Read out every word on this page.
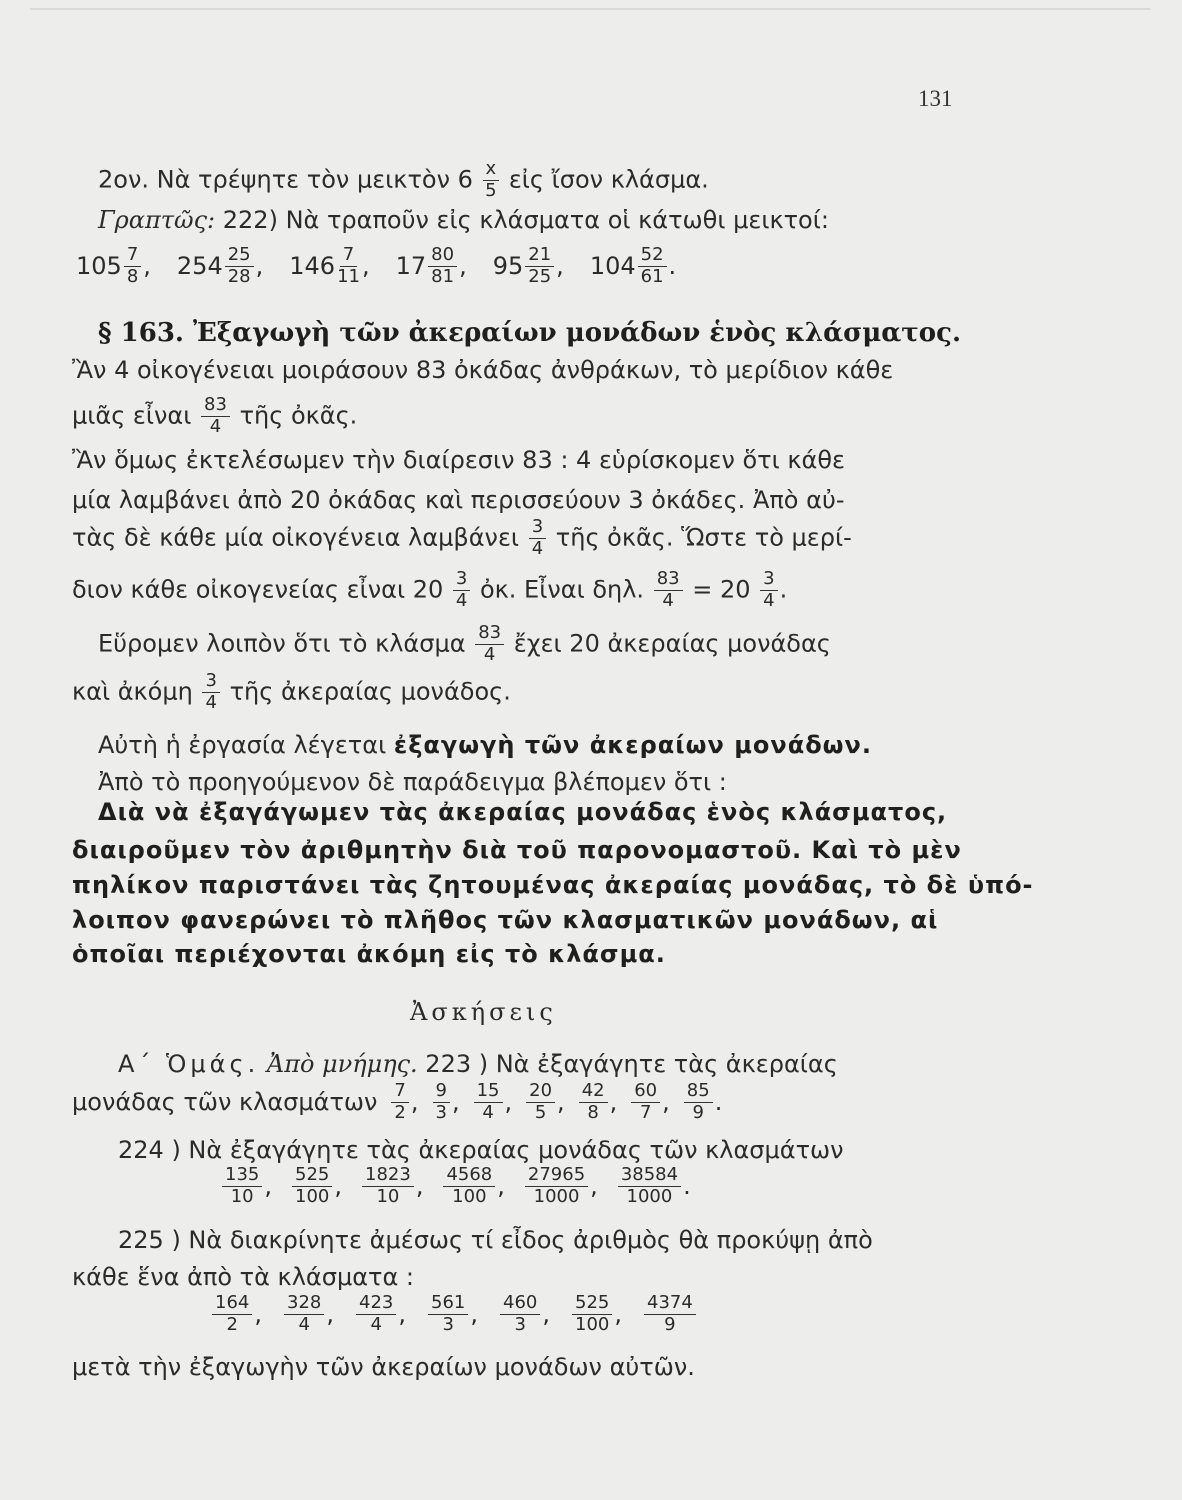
131
2ον. Νὰ τρέψητε τὸν μεικτὸν $6 \frac{x}{5}$ εἰς ἴσον κλάσμα.
Γραπτῶς: 222) Νὰ τραποῦν εἰς κλάσματα οἱ κάτωθι μεικτοί:
$105 \frac{7}{8}$ , $254 \frac{25}{28}$ , $146 \frac{7}{11}$ , $17 \frac{80}{81}$ , $95 \frac{21}{25}$ , $104 \frac{52}{61}$ .
§ 163. Ἐξαγωγὴ τῶν ἀκεραίων μονάδων ἑνὸς κλάσματος.
Ἂν 4 οἰκογένειαι μοιράσουν 83 ὀκάδας ἀνθράκων, τὸ μερίδιον κάθε
μιᾶς εἶναι $\frac{83}{4}$ τῆς ὀκᾶς.
Ἂν ὅμως ἐκτελέσωμεν τὴν διαίρεσιν 83 : 4 εὑρίσκομεν ὅτι κάθε
μία λαμβάνει ἀπὸ 20 ὀκάδας καὶ περισσεύουν 3 ὀκάδες. Ἀπὸ αὐ-
τὰς δὲ κάθε μία οἰκογένεια λαμβάνει $\frac{3}{4}$ τῆς ὀκᾶς. Ὥστε τὸ μερί-
διον κάθε οἰκογενείας εἶναι $20 \frac{3}{4}$ ὀκ. Εἶναι δηλ. $\frac{83}{4} = 20 \frac{3}{4}$ .
Εὕρομεν λοιπὸν ὅτι τὸ κλάσμα $\frac{83}{4}$ ἔχει 20 ἀκεραίας μονάδας
καὶ ἀκόμη $\frac{3}{4}$ τῆς ἀκεραίας μονάδος.
Αὐτὴ ἡ ἐργασία λέγεται ἐξαγωγὴ τῶν ἀκεραίων μονάδων.
Ἀπὸ τὸ προηγούμενον δὲ παράδειγμα βλέπομεν ὅτι :
Διὰ νὰ ἐξαγάγωμεν τὰς ἀκεραίας μονάδας ἑνὸς κλάσματος,
διαιροῦμεν τὸν ἀριθμητὴν διὰ τοῦ παρονομαστοῦ. Καὶ τὸ μὲν
πηλίκον παριστάνει τὰς ζητουμένας ἀκεραίας μονάδας, τὸ δὲ ὑπό-
λοιπον φανερώνει τὸ πλῆθος τῶν κλασματικῶν μονάδων, αἱ
ὁποῖαι περιέχονται ἀκόμη εἰς τὸ κλάσμα.
Ἀσκήσεις
Α΄ Ὁμάς. Ἀπὸ μνήμης. 223 ) Νὰ ἐξαγάγητε τὰς ἀκεραίας
μονάδας τῶν κλασμάτων $\frac{7}{2}$ , $\frac{9}{3}$ , $\frac{15}{4}$ , $\frac{20}{5}$ , $\frac{42}{8}$ , $\frac{60}{7}$ , $\frac{85}{9}$ .
224 ) Νὰ ἐξαγάγητε τὰς ἀκεραίας μονάδας τῶν κλασμάτων
$\frac{135}{10}$ , $\frac{525}{100}$ , $\frac{1823}{10}$ , $\frac{4568}{100}$ , $\frac{27965}{1000}$ , $\frac{38584}{1000}$ .
225 ) Νὰ διακρίνητε ἀμέσως τί εἶδος ἀριθμὸς θὰ προκύψῃ ἀπὸ
κάθε ἕνα ἀπὸ τὰ κλάσματα :
$\frac{164}{2}$ , $\frac{328}{4}$ , $\frac{423}{4}$ , $\frac{561}{3}$ , $\frac{460}{3}$ , $\frac{525}{100}$ , $\frac{4374}{9}$
μετὰ τὴν ἐξαγωγὴν τῶν ἀκεραίων μονάδων αὐτῶν.
